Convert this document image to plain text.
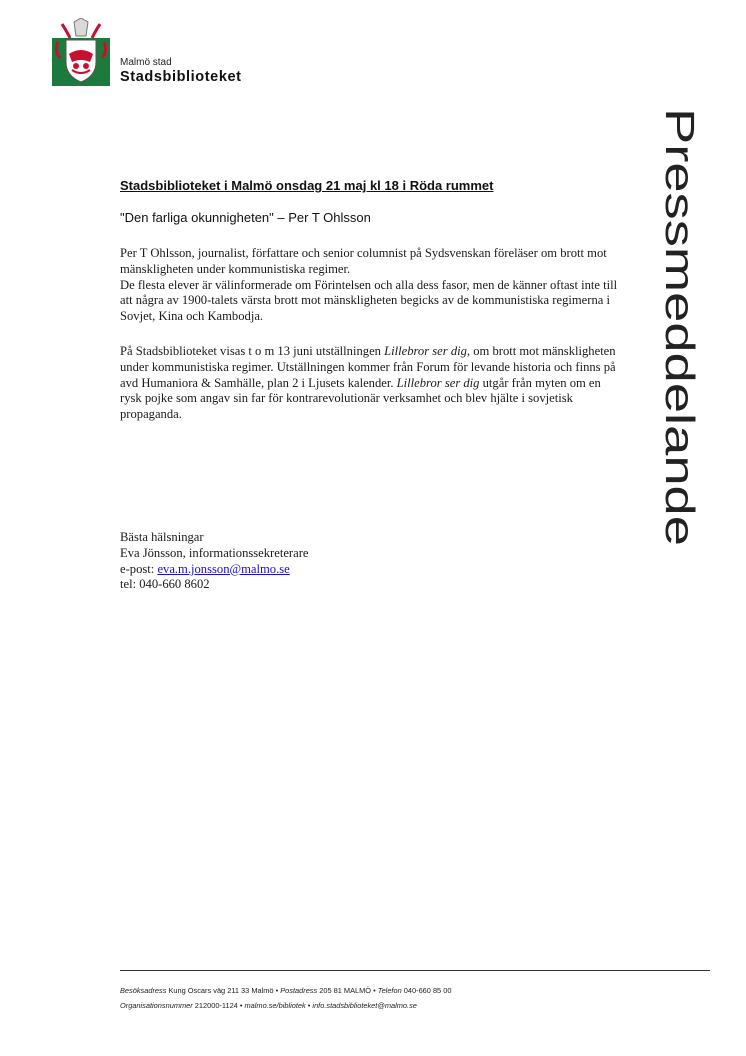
Malmö stad
Stadsbiblioteket
Pressmeddelande
Stadsbiblioteket i Malmö onsdag 21 maj kl 18 i Röda rummet
"Den farliga okunnigheten" – Per T Ohlsson

Per T Ohlsson, journalist, författare och senior columnist på Sydsvenskan föreläser om brott mot mänskligheten under kommunistiska regimer.
De flesta elever är välinformerade om Förintelsen och alla dess fasor, men de känner oftast inte till att några av 1900-talets värsta brott mot mänskligheten begicks av de kommunistiska regimerna i Sovjet, Kina och Kambodja.

På Stadsbiblioteket visas t o m 13 juni utställningen Lillebror ser dig, om brott mot mänskligheten under kommunistiska regimer. Utställningen kommer från Forum för levande historia och finns på avd Humaniora & Samhälle, plan 2 i Ljusets kalender. Lillebror ser dig utgår från myten om en rysk pojke som angav sin far för kontrarevolutionär verksamhet och blev hjälte i sovjetisk propaganda.

Bästa hälsningar
Eva Jönsson, informationssekreterare
e-post: eva.m.jonsson@malmo.se
tel: 040-660 8602
Besöksadress Kung Oscars väg 211 33 Malmö • Postadress 205 81 MALMÖ • Telefon 040-660 85 00
Organisationsnummer 212000-1124 • malmo.se/bibliotek • info.stadsbiblioteket@malmo.se
